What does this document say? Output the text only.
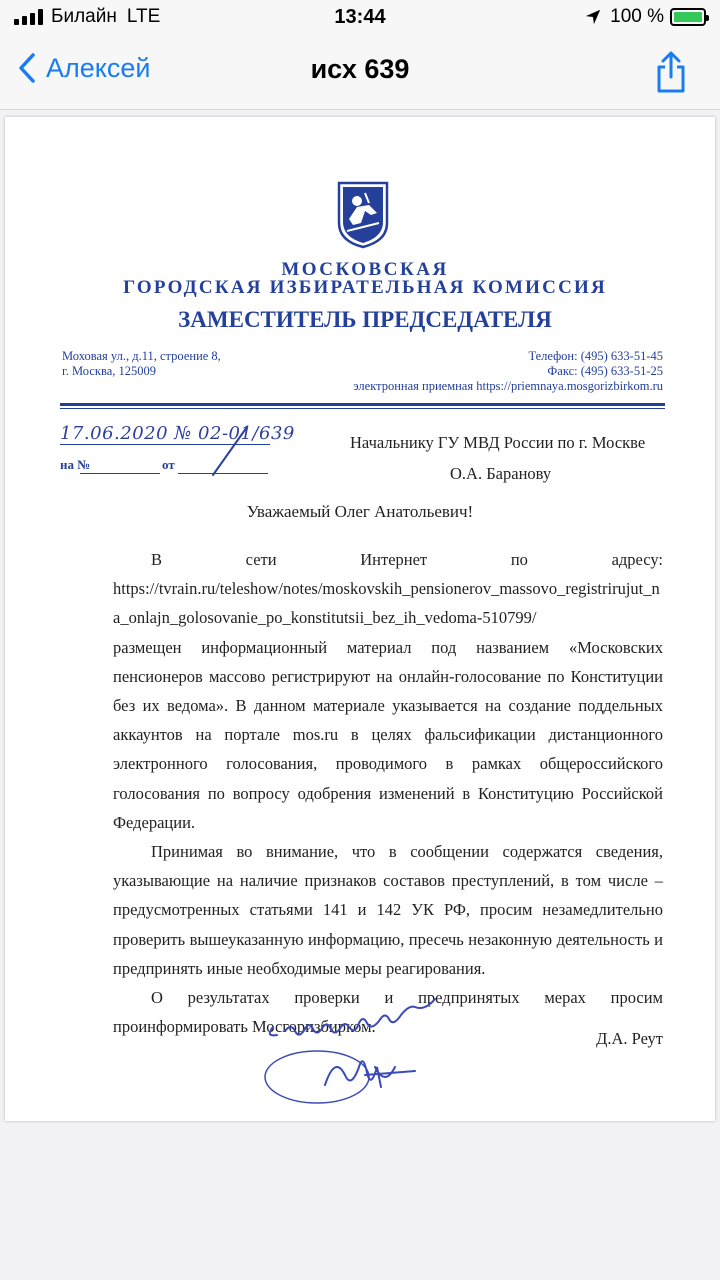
Билайн LTE	13:44	100 %
Алексей	исх 639
МОСКОВСКАЯ
ГОРОДСКАЯ ИЗБИРАТЕЛЬНАЯ КОМИССИЯ
ЗАМЕСТИТЕЛЬ ПРЕДСЕДАТЕЛЯ
Моховая ул., д.11, строение 8,
г. Москва, 125009
Телефон: (495) 633-51-45
Факс: (495) 633-51-25
электронная приемная https://priemnaya.mosgorizbirkom.ru
17.06.2020 № 02-01/639
на №	от
Начальнику ГУ МВД России по г. Москве
О.А. Баранову
Уважаемый Олег Анатольевич!
В сети Интернет по адресу:
https://tvrain.ru/teleshow/notes/moskovskih_pensionerov_massovo_registrirujut_na_onlajn_golosovanie_po_konstitutsii_bez_ih_vedoma-510799/
размещен информационный материал под названием «Московских пенсионеров массово регистрируют на онлайн-голосование по Конституции без их ведома». В данном материале указывается на создание поддельных аккаунтов на портале mos.ru в целях фальсификации дистанционного электронного голосования, проводимого в рамках общероссийского голосования по вопросу одобрения изменений в Конституцию Российской Федерации.
Принимая во внимание, что в сообщении содержатся сведения, указывающие на наличие признаков составов преступлений, в том числе – предусмотренных статьями 141 и 142 УК РФ, просим незамедлительно проверить вышеуказанную информацию, пресечь незаконную деятельность и предпринять иные необходимые меры реагирования.
О результатах проверки и предпринятых мерах просим проинформировать Мосгоризбирком.
Д.А. Реут
